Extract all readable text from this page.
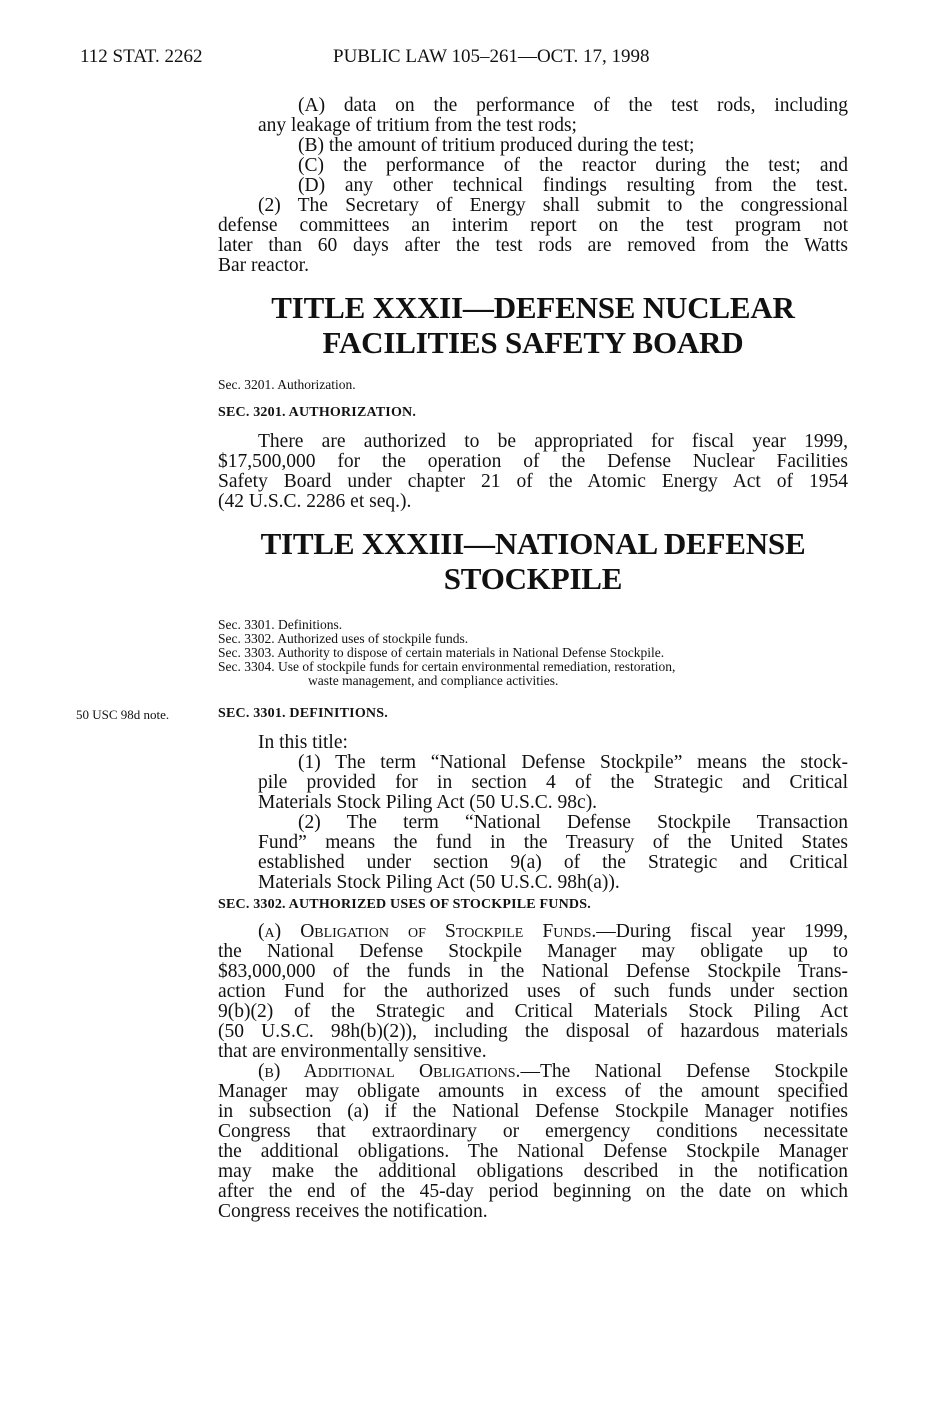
112 STAT. 2262	PUBLIC LAW 105–261—OCT. 17, 1998

(A) data on the performance of the test rods, including

any leakage of tritium from the test rods;

(B) the amount of tritium produced during the test;

(C) the performance of the reactor during the test; and

(D) any other technical findings resulting from the test.

(2) The Secretary of Energy shall submit to the congressional

defense committees an interim report on the test program not

later than 60 days after the test rods are removed from the Watts

Bar reactor.

TITLE XXXII—DEFENSE NUCLEAR

FACILITIES SAFETY BOARD

Sec. 3201. Authorization.

SEC. 3201. AUTHORIZATION.

There are authorized to be appropriated for fiscal year 1999,

$17,500,000 for the operation of the Defense Nuclear Facilities

Safety Board under chapter 21 of the Atomic Energy Act of 1954

(42 U.S.C. 2286 et seq.).

TITLE XXXIII—NATIONAL DEFENSE

STOCKPILE

Sec. 3301. Definitions.

Sec. 3302. Authorized uses of stockpile funds.

Sec. 3303. Authority to dispose of certain materials in National Defense Stockpile.

Sec. 3304. Use of stockpile funds for certain environmental remediation, restoration,

waste management, and compliance activities.

50 USC 98d note.	SEC. 3301. DEFINITIONS.

In this title:

(1) The term “National Defense Stockpile” means the stock-

pile provided for in section 4 of the Strategic and Critical

Materials Stock Piling Act (50 U.S.C. 98c).

(2) The term “National Defense Stockpile Transaction

Fund” means the fund in the Treasury of the United States

established under section 9(a) of the Strategic and Critical

Materials Stock Piling Act (50 U.S.C. 98h(a)).

SEC. 3302. AUTHORIZED USES OF STOCKPILE FUNDS.

(a) Obligation of Stockpile Funds.—During fiscal year 1999,

the National Defense Stockpile Manager may obligate up to

$83,000,000 of the funds in the National Defense Stockpile Trans-

action Fund for the authorized uses of such funds under section

9(b)(2) of the Strategic and Critical Materials Stock Piling Act

(50 U.S.C. 98h(b)(2)), including the disposal of hazardous materials

that are environmentally sensitive.

(b) Additional Obligations.—The National Defense Stockpile

Manager may obligate amounts in excess of the amount specified

in subsection (a) if the National Defense Stockpile Manager notifies

Congress that extraordinary or emergency conditions necessitate

the additional obligations. The National Defense Stockpile Manager

may make the additional obligations described in the notification

after the end of the 45-day period beginning on the date on which

Congress receives the notification.
